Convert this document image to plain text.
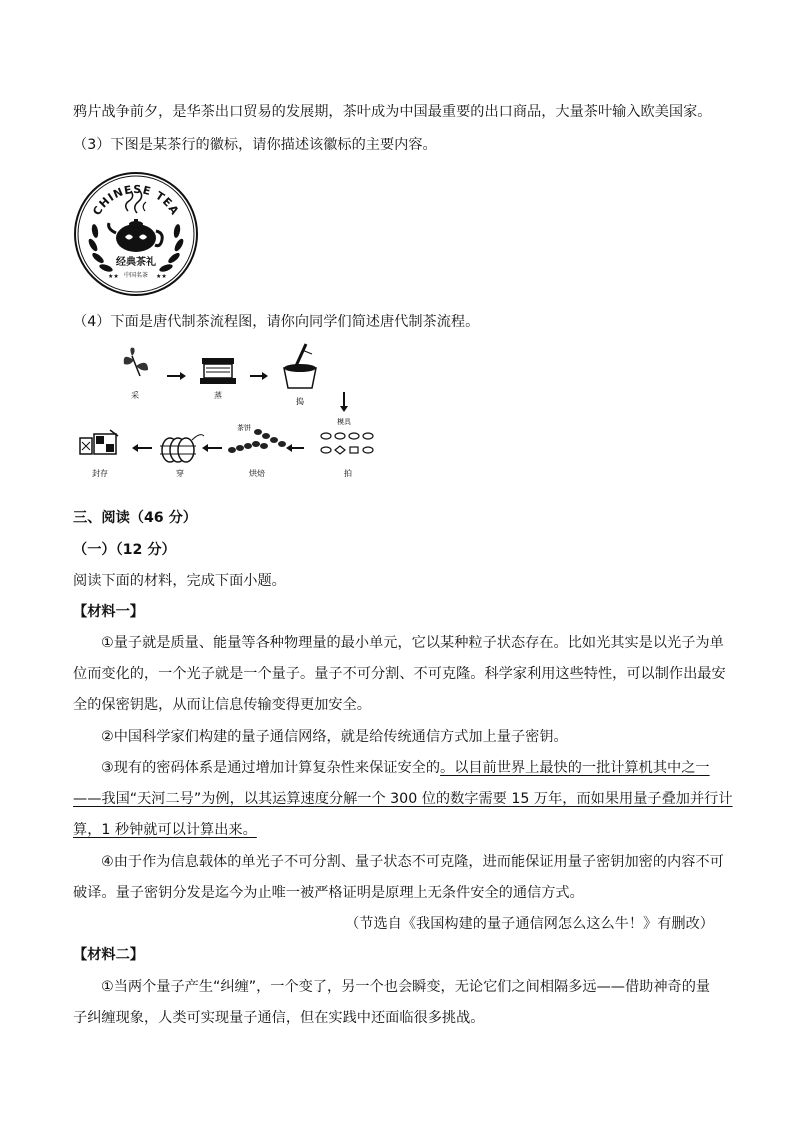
鸦片战争前夕，是华茶出口贸易的发展期，茶叶成为中国最重要的出口商品，大量茶叶输入欧美国家。
（3）下图是某茶行的徽标，请你描述该徽标的主要内容。
CHINESE TEA
经典茶礼
中国名茶
★★	★★
（4）下面是唐代制茶流程图，请你向同学们简述唐代制茶流程。
采	蒸
捣
模具
拍
茶饼
烘焙
穿
封存
三、阅读（46 分）
（一）（12 分）
阅读下面的材料，完成下面小题。
【材料一】
①量子就是质量、能量等各种物理量的最小单元，它以某种粒子状态存在。比如光其实是以光子为单
位而变化的，一个光子就是一个量子。量子不可分割、不可克隆。科学家利用这些特性，可以制作出最安
全的保密钥匙，从而让信息传输变得更加安全。
②中国科学家们构建的量子通信网络，就是给传统通信方式加上量子密钥。
③现有的密码体系是通过增加计算复杂性来保证安全的。以目前世界上最快的一批计算机其中之一
——我国“天河二号”为例，以其运算速度分解一个 300 位的数字需要 15 万年，而如果用量子叠加并行计
算，1 秒钟就可以计算出来。
④由于作为信息载体的单光子不可分割、量子状态不可克隆，进而能保证用量子密钥加密的内容不可
破译。量子密钥分发是迄今为止唯一被严格证明是原理上无条件安全的通信方式。
（节选自《我国构建的量子通信网怎么这么牛！》有删改）
【材料二】
①当两个量子产生“纠缠”，一个变了，另一个也会瞬变，无论它们之间相隔多远——借助神奇的量
子纠缠现象，人类可实现量子通信，但在实践中还面临很多挑战。
